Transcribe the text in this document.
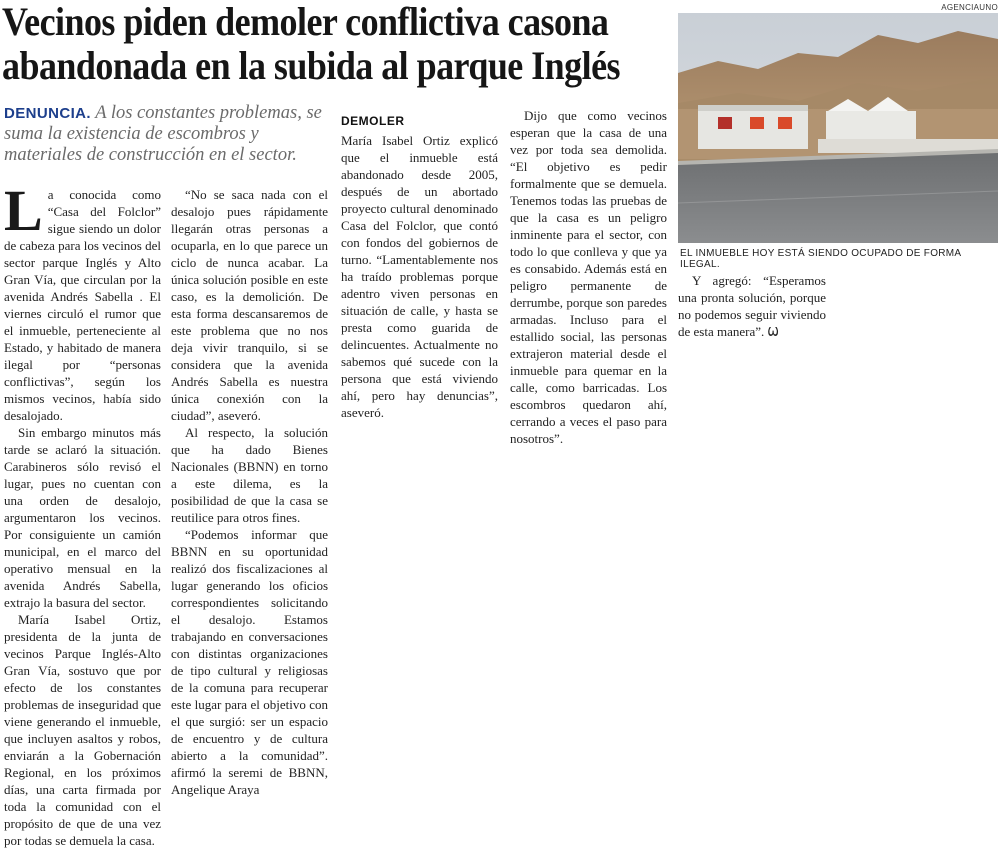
Vecinos piden demoler conflictiva casona
abandonada en la subida al parque Inglés

DENUNCIA. A los constantes problemas, se suma la existencia de escombros y materiales de construcción en el sector.

La conocida como “Casa del Folclor” sigue siendo un dolor de cabeza para los vecinos del sector parque Inglés y Alto Gran Vía, que circulan por la avenida Andrés Sabella . El viernes circuló el rumor que el inmueble, perteneciente al Estado, y habitado de manera ilegal por “personas conflictivas”, según los mismos vecinos, había sido desalojado.

Sin embargo minutos más tarde se aclaró la situación. Carabineros sólo revisó el lugar, pues no cuentan con una orden de desalojo, argumentaron los vecinos. Por consiguiente un camión municipal, en el marco del operativo mensual en la avenida Andrés Sabella, extrajo la basura del sector.

María Isabel Ortiz, presidenta de la junta de vecinos Parque Inglés-Alto Gran Vía, sostuvo que por efecto de los constantes problemas de inseguridad que viene generando el inmueble, que incluyen asaltos y robos, enviarán a la Gobernación Regional, en los próximos días, una carta firmada por toda la comunidad con el propósito de que de una vez por todas se demuela la casa.

“No se saca nada con el desalojo pues rápidamente llegarán otras personas a ocuparla, en lo que parece un ciclo de nunca acabar. La única solución posible en este caso, es la demolición. De esta forma descansaremos de este problema que no nos deja vivir tranquilo, si se considera que la avenida Andrés Sabella es nuestra única conexión con la ciudad”, aseveró.

Al respecto, la solución que ha dado Bienes Nacionales (BBNN) en torno a este dilema, es la posibilidad de que la casa se reutilice para otros fines.

“Podemos informar que BBNN en su oportunidad realizó dos fiscalizaciones al lugar generando los oficios correspondientes solicitando el desalojo. Estamos trabajando en conversaciones con distintas organizaciones de tipo cultural y religiosas de la comuna para recuperar este lugar para el objetivo con el que surgió: ser un espacio de encuentro y de cultura abierto a la comunidad”. afirmó la seremi de BBNN, Angelique Araya

DEMOLER

María Isabel Ortiz explicó que el inmueble está abandonado desde 2005, después de un abortado proyecto cultural denominado Casa del Folclor, que contó con fondos del gobiernos de turno. “Lamentablemente nos ha traído problemas porque adentro viven personas en situación de calle, y hasta se presta como guarida de delincuentes. Actualmente no sabemos qué sucede con la persona que está viviendo ahí, pero hay denuncias”, aseveró.

Dijo que como vecinos esperan que la casa de una vez por toda sea demolida. “El objetivo es pedir formalmente que se demuela. Tenemos todas las pruebas de que la casa es un peligro inminente para el sector, con todo lo que conlleva y que ya es consabido. Además está en peligro permanente de derrumbe, porque son paredes armadas. Incluso para el estallido social, las personas extrajeron material desde el inmueble para quemar en la calle, como barricadas. Los escombros quedaron ahí, cerrando a veces el paso para nosotros”.

Y agregó: “Esperamos una pronta solución, porque no podemos seguir viviendo de esta manera”. Ѡ

AGENCIAUNO
EL INMUEBLE HOY ESTÁ SIENDO OCUPADO DE FORMA ILEGAL.
